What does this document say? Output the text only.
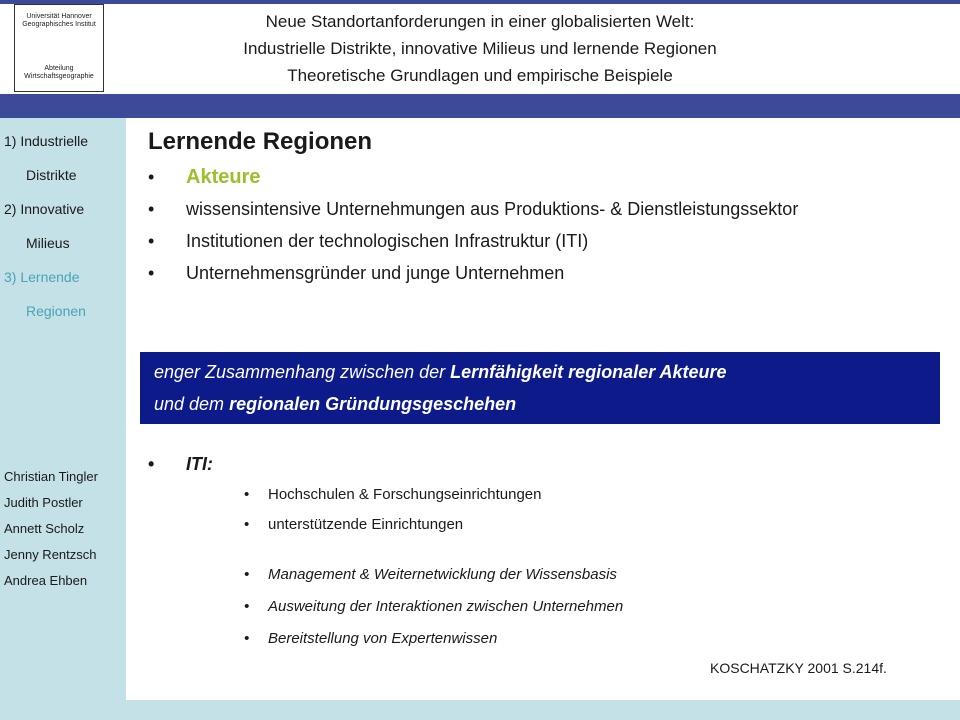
Universität Hannover
Geographisches Institut
Abteilung
Wirtschaftsgeographie
Neue Standortanforderungen in einer globalisierten Welt:
Industrielle Distrikte, innovative Milieus und lernende Regionen
Theoretische Grundlagen und empirische Beispiele
1) Industrielle
Distrikte
2) Innovative
Milieus
3) Lernende
Regionen
Christian Tingler
Judith Postler
Annett Scholz
Jenny Rentzsch
Andrea Ehben
Lernende Regionen
• Akteure
• wissensintensive Unternehmungen aus Produktions- & Dienstleistungssektor
• Institutionen der technologischen Infrastruktur (ITI)
• Unternehmensgründer und junge Unternehmen
enger Zusammenhang zwischen der Lernfähigkeit regionaler Akteure
und dem regionalen Gründungsgeschehen
• ITI:
• Hochschulen & Forschungseinrichtungen
• unterstützende Einrichtungen
• Management & Weiternetwicklung der Wissensbasis
• Ausweitung der Interaktionen zwischen Unternehmen
• Bereitstellung von Expertenwissen
KOSCHATZKY 2001 S.214f.
